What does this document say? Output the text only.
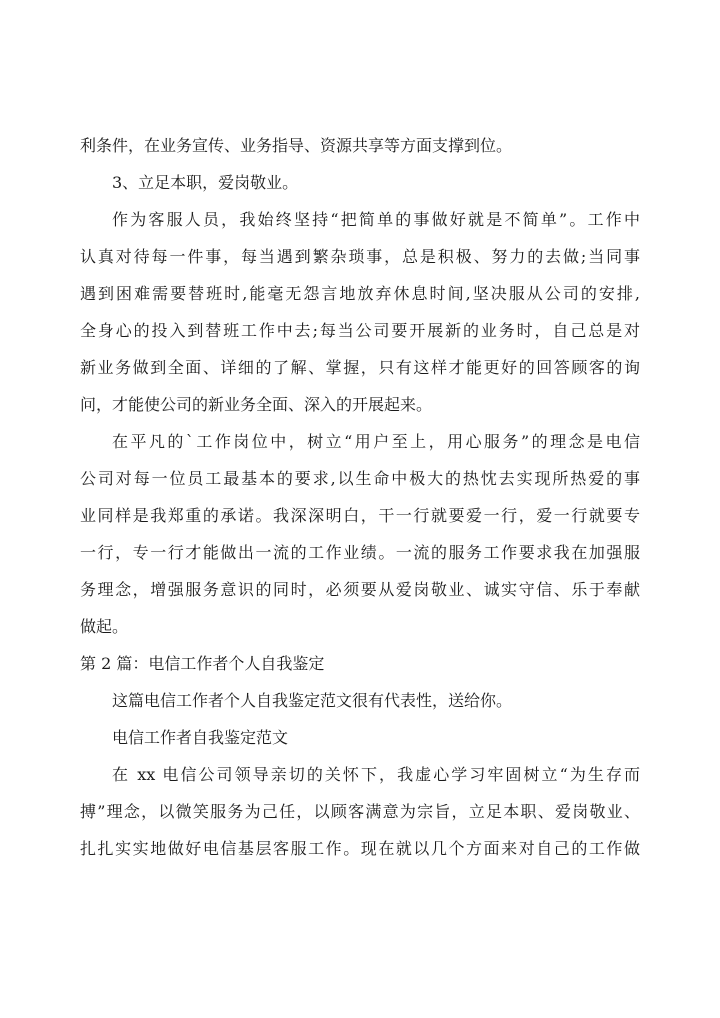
利条件，在业务宣传、业务指导、资源共享等方面支撑到位。
3、立足本职，爱岗敬业。
作为客服人员，我始终坚持“把简单的事做好就是不简单”。工作中
认真对待每一件事，每当遇到繁杂琐事，总是积极、努力的去做;当同事
遇到困难需要替班时,能毫无怨言地放弃休息时间,坚决服从公司的安排,
全身心的投入到替班工作中去;每当公司要开展新的业务时，自己总是对
新业务做到全面、详细的了解、掌握，只有这样才能更好的回答顾客的询
问，才能使公司的新业务全面、深入的开展起来。
在平凡的`工作岗位中，树立“用户至上，用心服务”的理念是电信
公司对每一位员工最基本的要求,以生命中极大的热忱去实现所热爱的事
业同样是我郑重的承诺。我深深明白，干一行就要爱一行，爱一行就要专
一行，专一行才能做出一流的工作业绩。一流的服务工作要求我在加强服
务理念，增强服务意识的同时，必须要从爱岗敬业、诚实守信、乐于奉献
做起。
第 2 篇：电信工作者个人自我鉴定
这篇电信工作者个人自我鉴定范文很有代表性，送给你。
电信工作者自我鉴定范文
在 xx 电信公司领导亲切的关怀下，我虚心学习牢固树立“为生存而
搏”理念，以微笑服务为己任，以顾客满意为宗旨，立足本职、爱岗敬业、
扎扎实实地做好电信基层客服工作。现在就以几个方面来对自己的工作做
